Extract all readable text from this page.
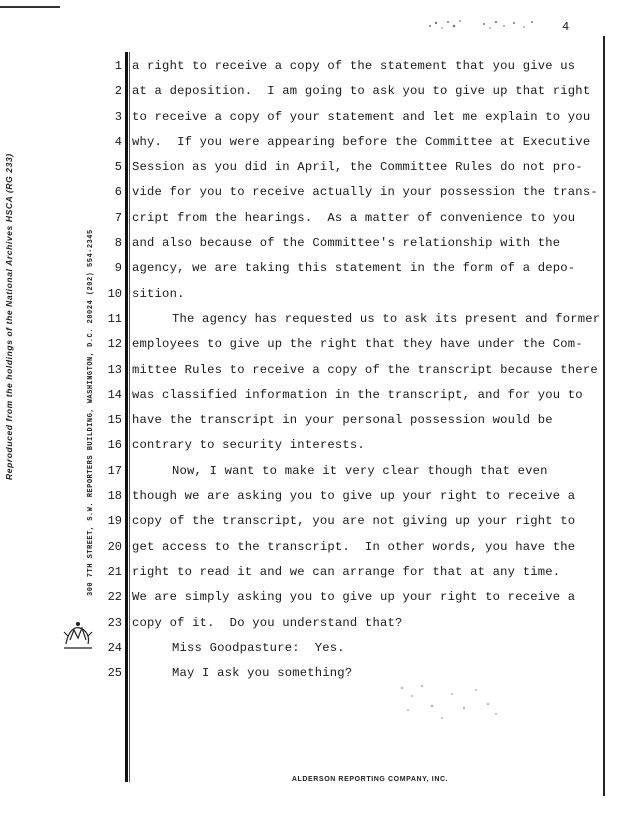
Reproduced from the holdings of the National Archives HSCA (RG 233)	300 7TH STREET, S.W. REPORTERS BUILDING, WASHINGTON, D.C. 20024 (202) 554-2345
4
1 a right to receive a copy of the statement that you give us
2 at a deposition.  I am going to ask you to give up that right
3 to receive a copy of your statement and let me explain to you
4 why.  If you were appearing before the Committee at Executive
5 Session as you did in April, the Committee Rules do not pro-
6 vide for you to receive actually in your possession the trans-
7 cript from the hearings.  As a matter of convenience to you
8 and also because of the Committee's relationship with the
9 agency, we are taking this statement in the form of a depo-
10 sition.
11	The agency has requested us to ask its present and former
12 employees to give up the right that they have under the Com-
13 mittee Rules to receive a copy of the transcript because there
14 was classified information in the transcript, and for you to
15 have the transcript in your personal possession would be
16 contrary to security interests.
17	Now, I want to make it very clear though that even
18 though we are asking you to give up your right to receive a
19 copy of the transcript, you are not giving up your right to
20 get access to the transcript.  In other words, you have the
21 right to read it and we can arrange for that at any time.
22 We are simply asking you to give up your right to receive a
23 copy of it.  Do you understand that?
24	Miss Goodpasture:  Yes.
25	May I ask you something?
ALDERSON REPORTING COMPANY, INC.
